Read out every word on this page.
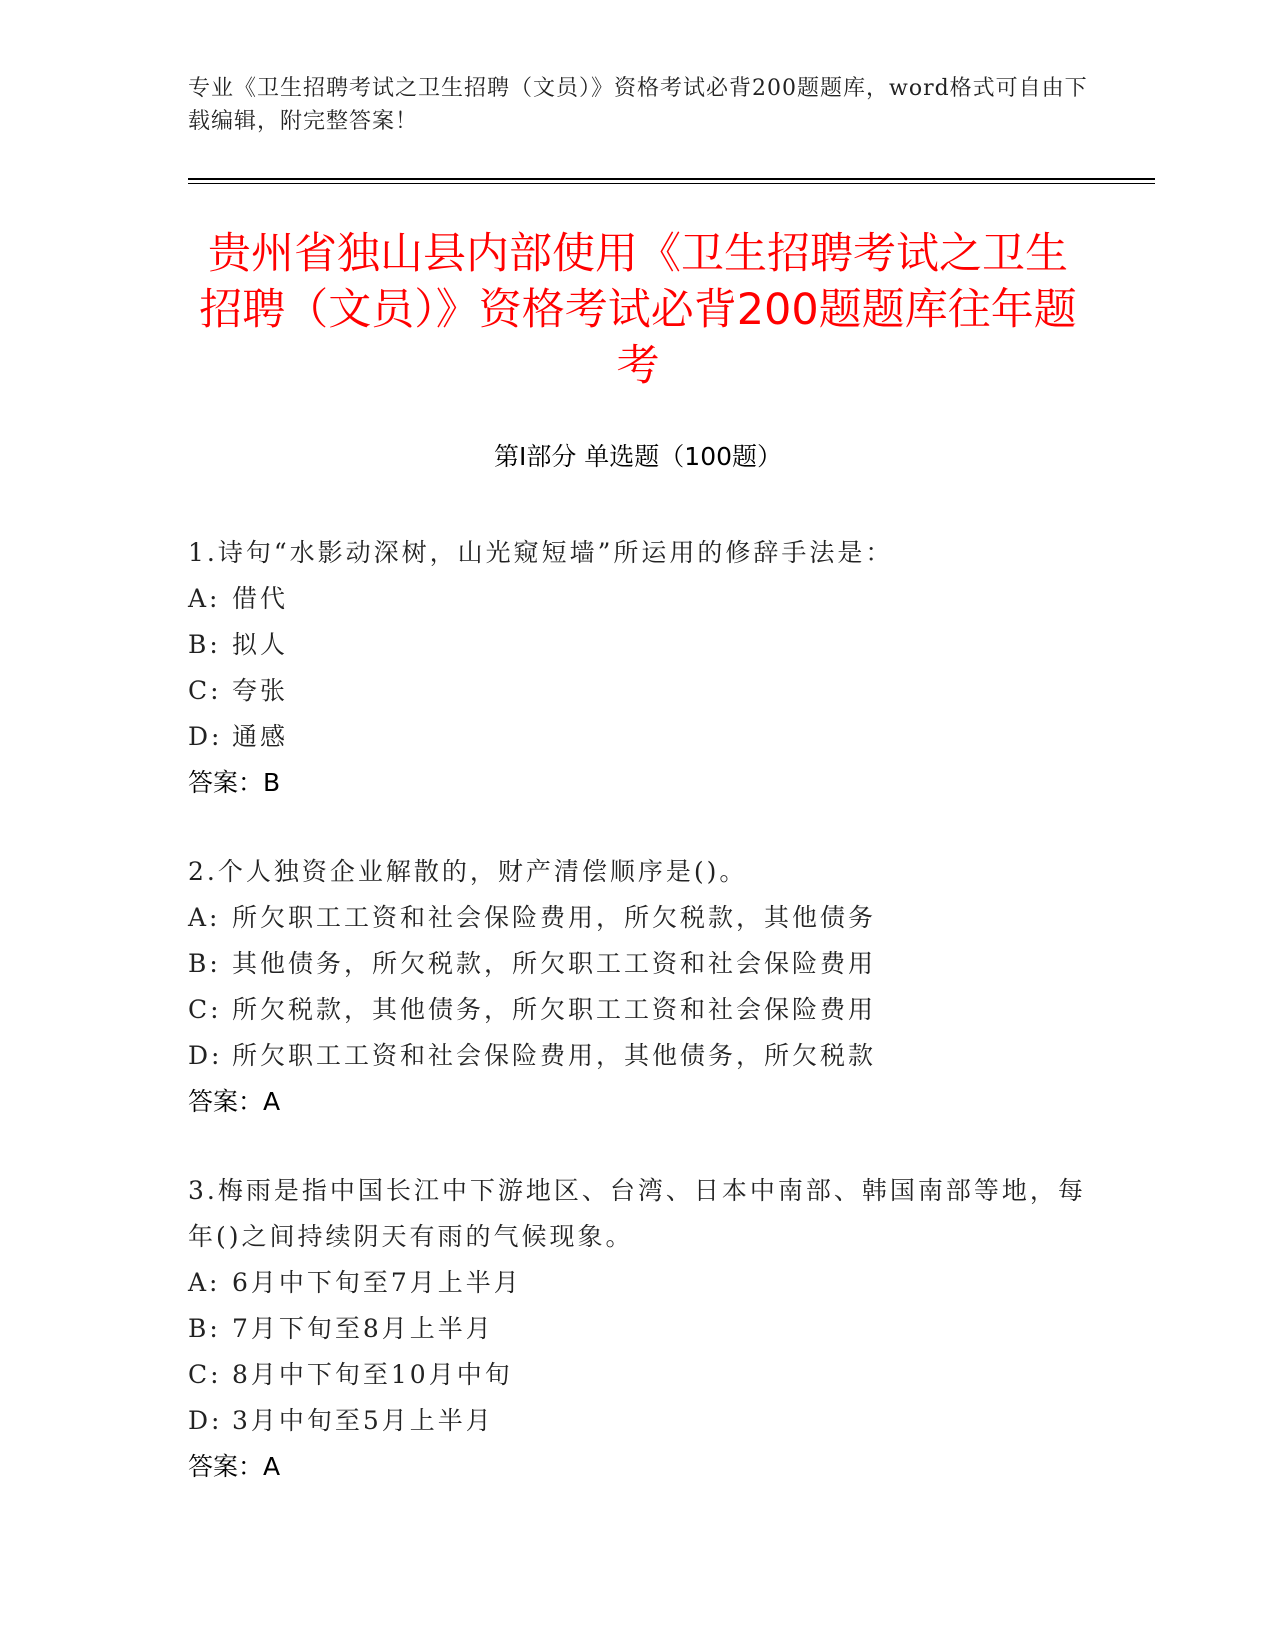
专业《卫生招聘考试之卫生招聘（文员）》资格考试必背200题题库，word格式可自由下载编辑，附完整答案！
贵州省独山县内部使用《卫生招聘考试之卫生招聘（文员）》资格考试必背200题题库往年题考
第I部分 单选题（100题）
1.诗句“水影动深树，山光窥短墙”所运用的修辞手法是：
A: 借代
B: 拟人
C: 夸张
D: 通感
答案：B
2.个人独资企业解散的，财产清偿顺序是()。
A: 所欠职工工资和社会保险费用，所欠税款，其他债务
B: 其他债务，所欠税款，所欠职工工资和社会保险费用
C: 所欠税款，其他债务，所欠职工工资和社会保险费用
D: 所欠职工工资和社会保险费用，其他债务，所欠税款
答案：A
3.梅雨是指中国长江中下游地区、台湾、日本中南部、韩国南部等地，每年()之间持续阴天有雨的气候现象。
A: 6月中下旬至7月上半月
B: 7月下旬至8月上半月
C: 8月中下旬至10月中旬
D: 3月中旬至5月上半月
答案：A
